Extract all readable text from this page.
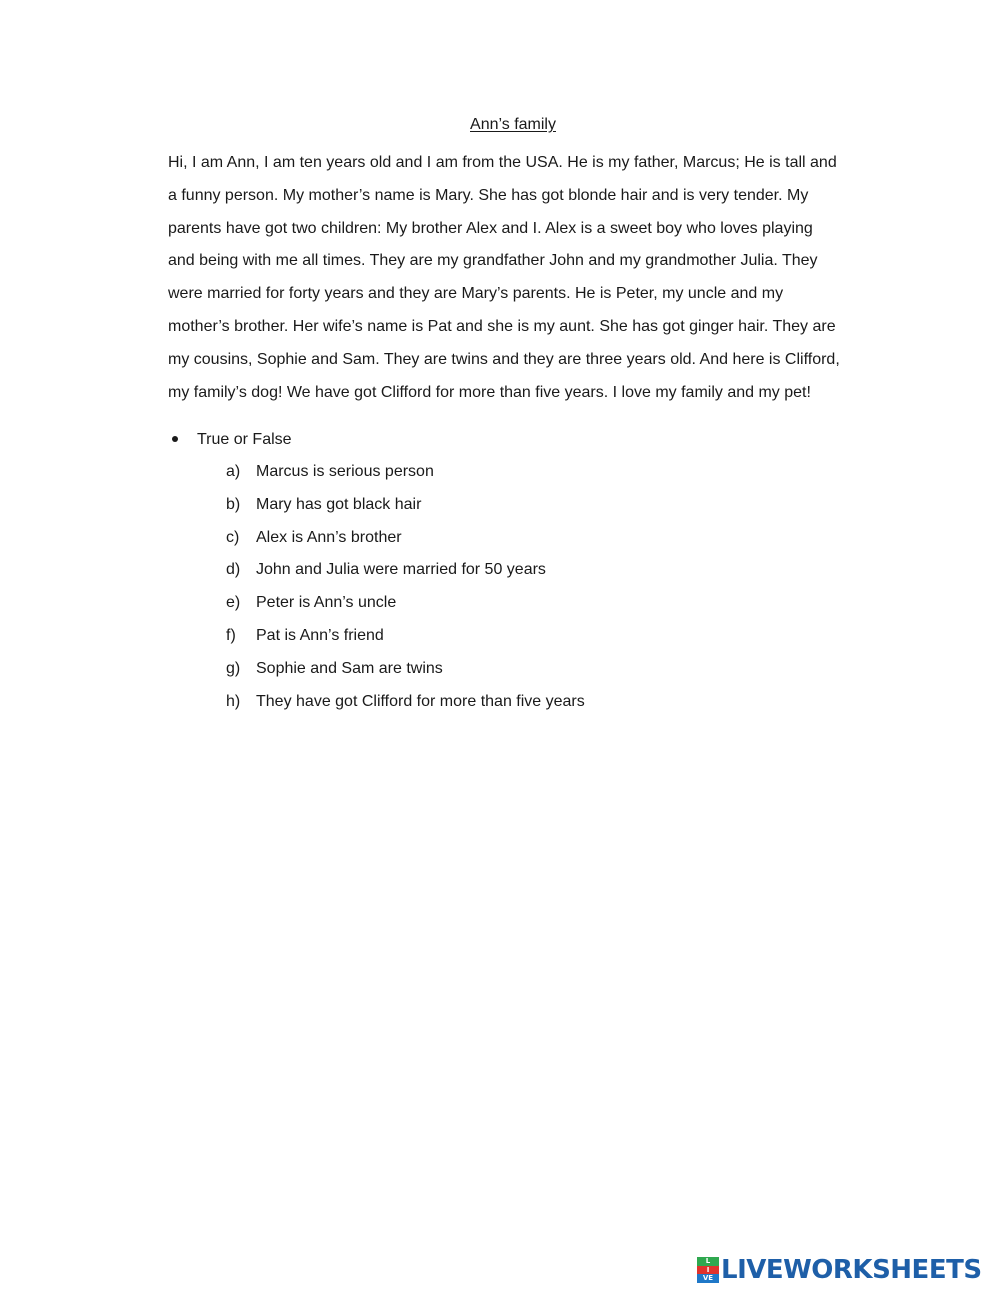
Ann’s family
Hi, I am Ann, I am ten years old and I am from the USA. He is my father, Marcus; He is tall and
a funny person. My mother’s name is Mary. She has got blonde hair and is very tender. My
parents have got two children: My brother Alex and I. Alex is a sweet boy who loves playing
and being with me all times. They are my grandfather John and my grandmother Julia. They
were married for forty years and they are Mary’s parents. He is Peter, my uncle and my
mother’s brother. Her wife’s name is Pat and she is my aunt. She has got ginger hair. They are
my cousins, Sophie and Sam. They are twins and they are three years old. And here is Clifford,
my family’s dog! We have got Clifford for more than five years. I love my family and my pet!
True or False
a) Marcus is serious person
b) Mary has got black hair
c) Alex is Ann’s brother
d) John and Julia were married for 50 years
e) Peter is Ann’s uncle
f) Pat is Ann’s friend
g) Sophie and Sam are twins
h) They have got Clifford for more than five years
L
I
VE LIVEWORKSHEETS
